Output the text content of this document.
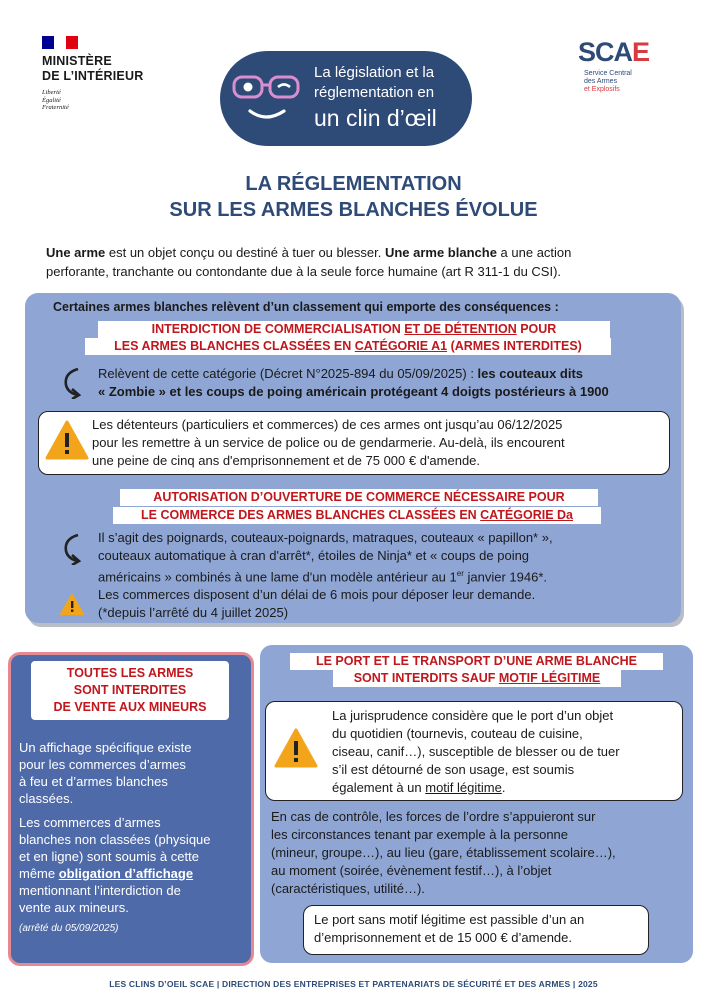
MINISTÈRE
DE L’INTÉRIEUR
Liberté
Égalité
Fraternité
La législation et la
réglementation en
un clin d’œil
SCAE
Service Central
des Armes
et Explosifs
LA RÉGLEMENTATION
SUR LES ARMES BLANCHES ÉVOLUE
Une arme est un objet conçu ou destiné à tuer ou blesser. Une arme blanche a une action
perforante, tranchante ou contondante due à la seule force humaine (art R 311-1 du CSI).
Certaines armes blanches relèvent d’un classement qui emporte des conséquences :
INTERDICTION DE COMMERCIALISATION ET DE DÉTENTION POUR
LES ARMES BLANCHES CLASSÉES EN CATÉGORIE A1 (ARMES INTERDITES)
Relèvent de cette catégorie (Décret N°2025-894 du 05/09/2025) : les couteaux dits
« Zombie » et les coups de poing américain protégeant 4 doigts postérieurs à 1900
Les détenteurs (particuliers et commerces) de ces armes ont jusqu’au 06/12/2025
pour les remettre à un service de police ou de gendarmerie. Au-delà, ils encourent
une peine de cinq ans d'emprisonnement et de 75 000 € d'amende.
AUTORISATION D’OUVERTURE DE COMMERCE NÉCESSAIRE POUR
LE COMMERCE DES ARMES BLANCHES CLASSÉES EN CATÉGORIE Da
Il s’agit des poignards, couteaux-poignards, matraques, couteaux « papillon* »,
couteaux automatique à cran d'arrêt*, étoiles de Ninja* et « coups de poing
américains » combinés à une lame d'un modèle antérieur au 1er janvier 1946*.
Les commerces disposent d’un délai de 6 mois pour déposer leur demande.
(*depuis l’arrêté du 4 juillet 2025)
TOUTES LES ARMES
SONT INTERDITES
DE VENTE AUX MINEURS
Un affichage spécifique existe
pour les commerces d’armes
à feu et d’armes blanches
classées.
Les commerces d’armes
blanches non classées (physique
et en ligne) sont soumis à cette
même obligation d’affichage
mentionnant l’interdiction de
vente aux mineurs.
(arrêté du 05/09/2025)
LE PORT ET LE TRANSPORT D’UNE ARME BLANCHE
SONT INTERDITS SAUF MOTIF LÉGITIME
La jurisprudence considère que le port d’un objet
du quotidien (tournevis, couteau de cuisine,
ciseau, canif…), susceptible de blesser ou de tuer
s’il est détourné de son usage, est soumis
également à un motif légitime.
En cas de contrôle, les forces de l’ordre s’appuieront sur
les circonstances tenant par exemple à la personne
(mineur, groupe…), au lieu (gare, établissement scolaire…),
au moment (soirée, évènement festif…), à l’objet
(caractéristiques, utilité…).
Le port sans motif légitime est passible d’un an
d’emprisonnement et de 15 000 € d’amende.
LES CLINS D’OEIL SCAE | DIRECTION DES ENTREPRISES ET PARTENARIATS DE SÉCURITÉ ET DES ARMES | 2025
